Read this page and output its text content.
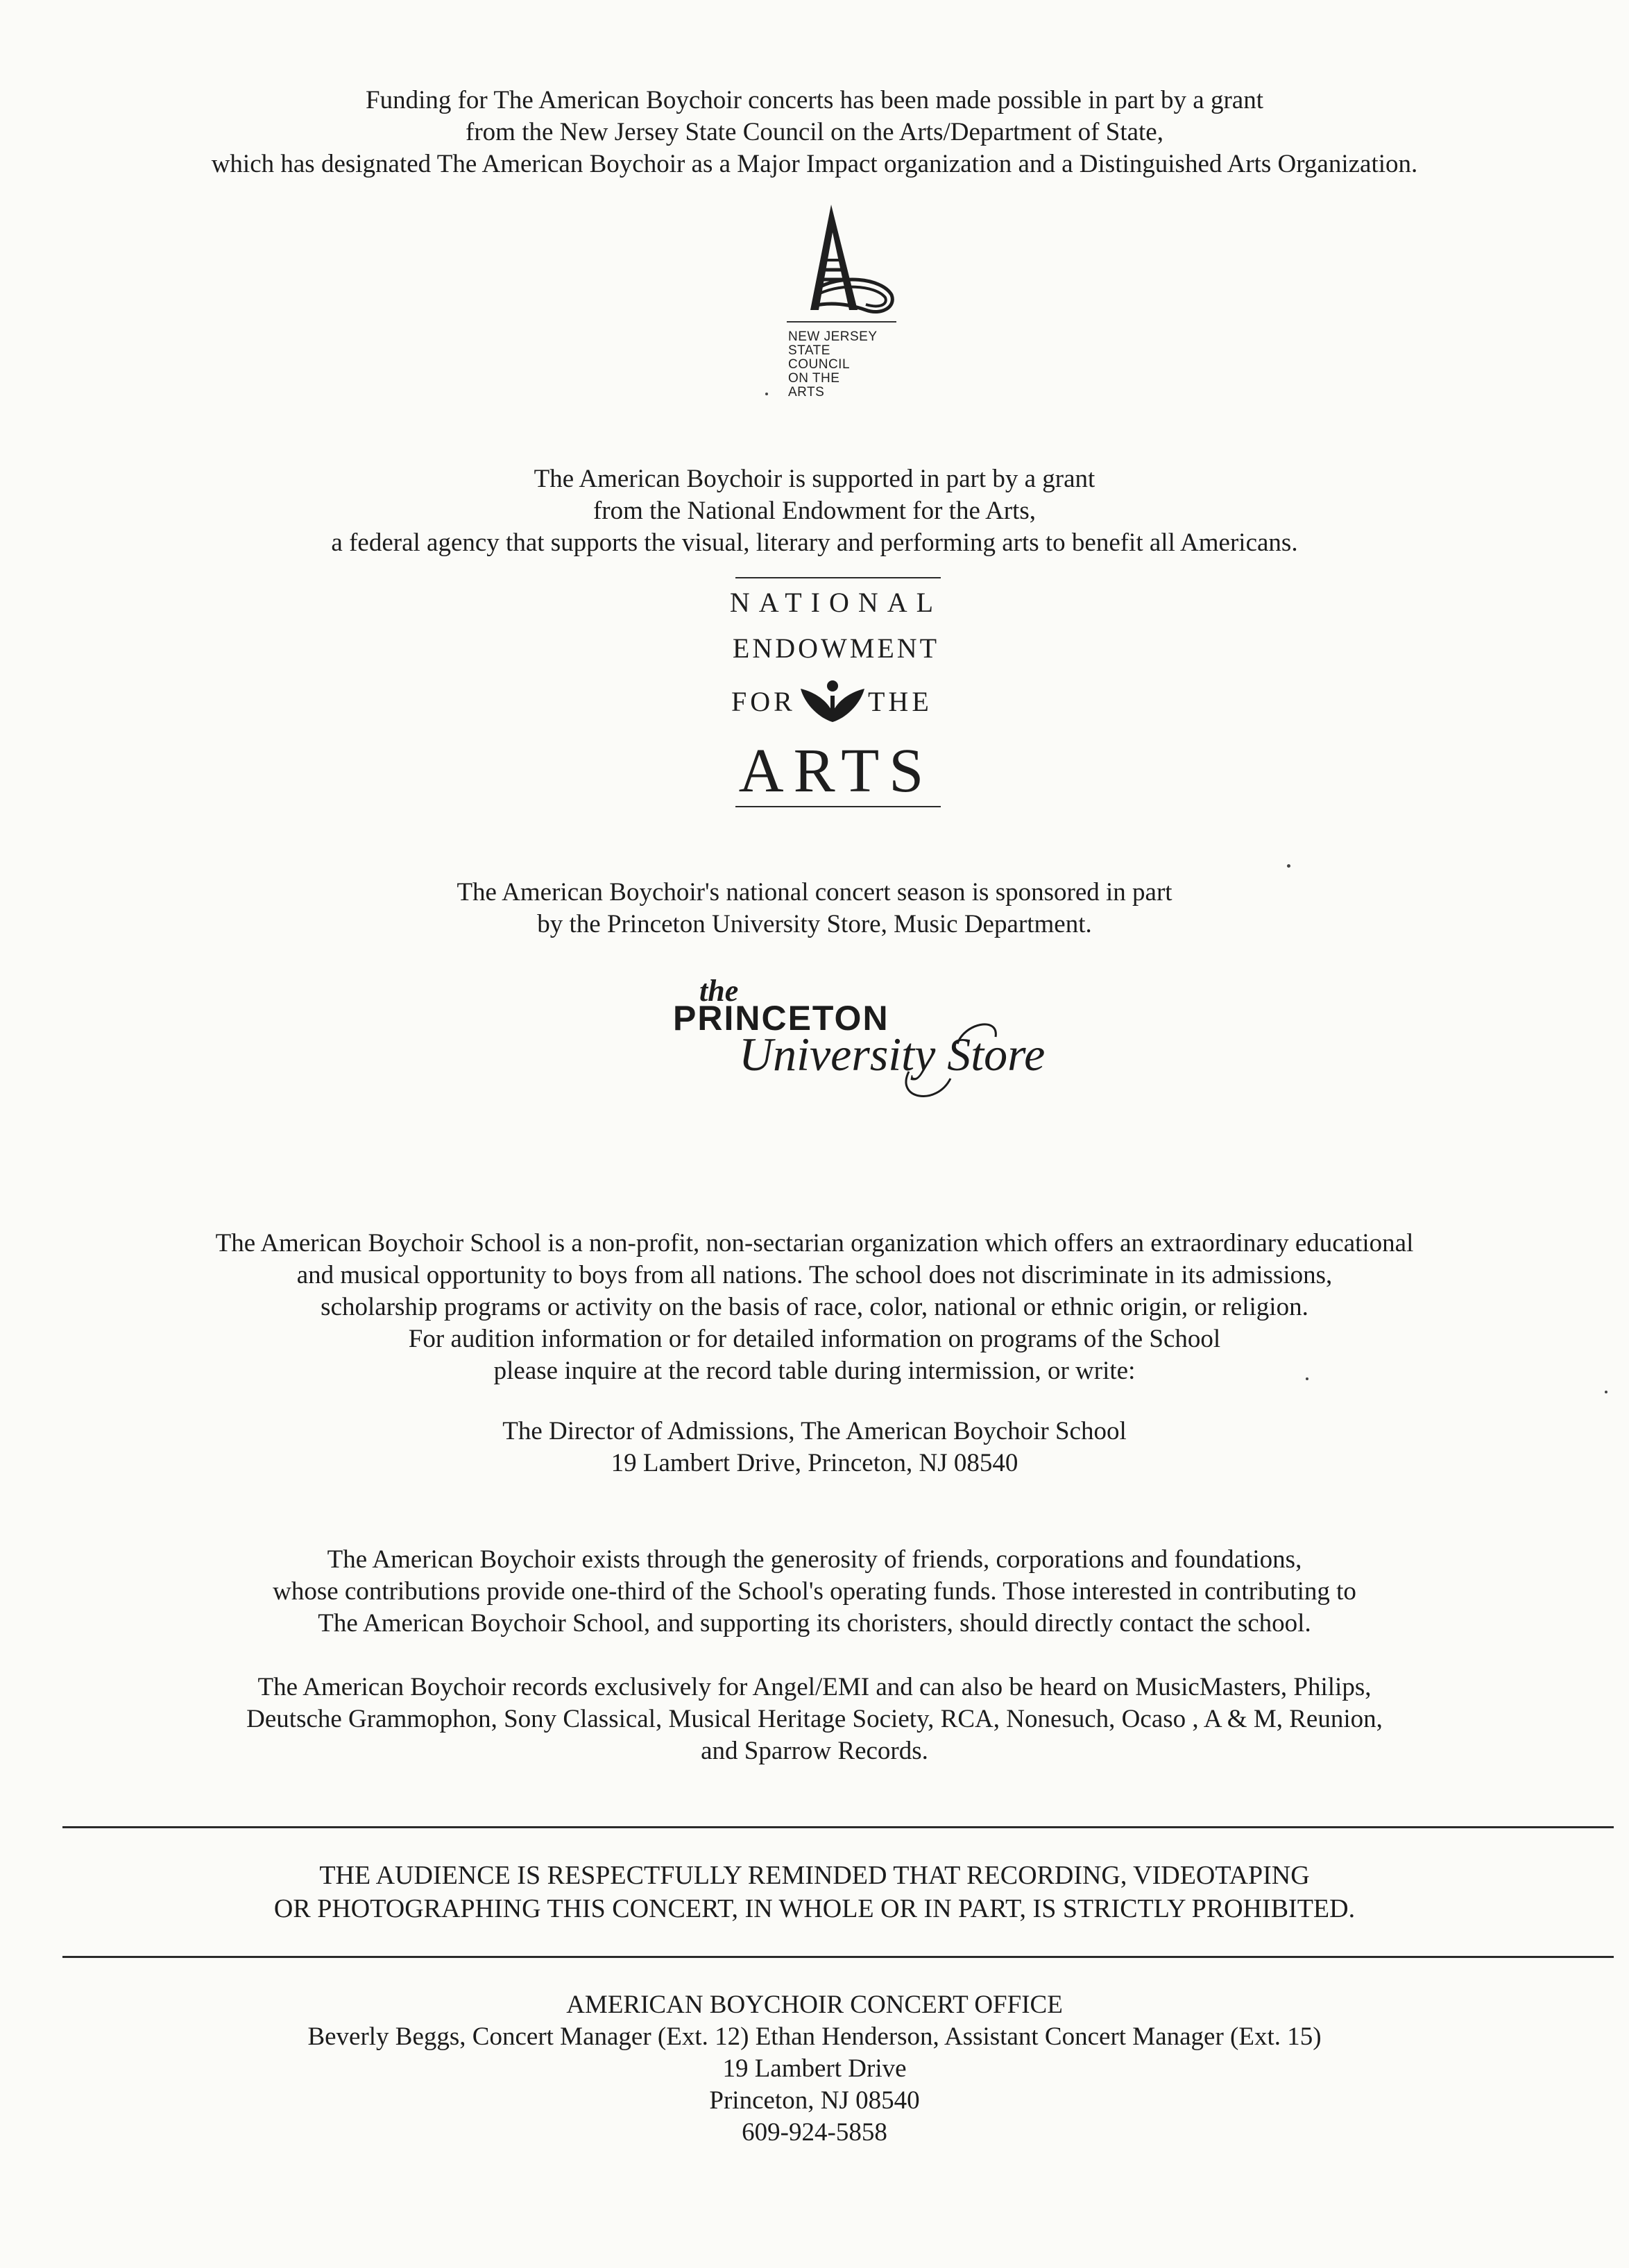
Funding for The American Boychoir concerts has been made possible in part by a grant
from the New Jersey State Council on the Arts/Department of State,
which has designated The American Boychoir as a Major Impact organization and a Distinguished Arts Organization.
NEW JERSEY
STATE
COUNCIL
ON THE
ARTS
The American Boychoir is supported in part by a grant
from the National Endowment for the Arts,
a federal agency that supports the visual, literary and performing arts to benefit all Americans.
NATIONAL
ENDOWMENT
FOR	THE
ARTS
The American Boychoir's national concert season is sponsored in part
by the Princeton University Store, Music Department.
the
PRINCETON
University Store
The American Boychoir School is a non-profit, non-sectarian organization which offers an extraordinary educational
and musical opportunity to boys from all nations. The school does not discriminate in its admissions,
scholarship programs or activity on the basis of race, color, national or ethnic origin, or religion.
For audition information or for detailed information on programs of the School
please inquire at the record table during intermission, or write:
The Director of Admissions, The American Boychoir School
19 Lambert Drive, Princeton, NJ 08540
The American Boychoir exists through the generosity of friends, corporations and foundations,
whose contributions provide one-third of the School's operating funds. Those interested in contributing to
The American Boychoir School, and supporting its choristers, should directly contact the school.
The American Boychoir records exclusively for Angel/EMI and can also be heard on MusicMasters, Philips,
Deutsche Grammophon, Sony Classical, Musical Heritage Society, RCA, Nonesuch, Ocaso , A & M, Reunion,
and Sparrow Records.
THE AUDIENCE IS RESPECTFULLY REMINDED THAT RECORDING, VIDEOTAPING
OR PHOTOGRAPHING THIS CONCERT, IN WHOLE OR IN PART, IS STRICTLY PROHIBITED.
AMERICAN BOYCHOIR CONCERT OFFICE
Beverly Beggs, Concert Manager (Ext. 12) Ethan Henderson, Assistant Concert Manager (Ext. 15)
19 Lambert Drive
Princeton, NJ 08540
609-924-5858
